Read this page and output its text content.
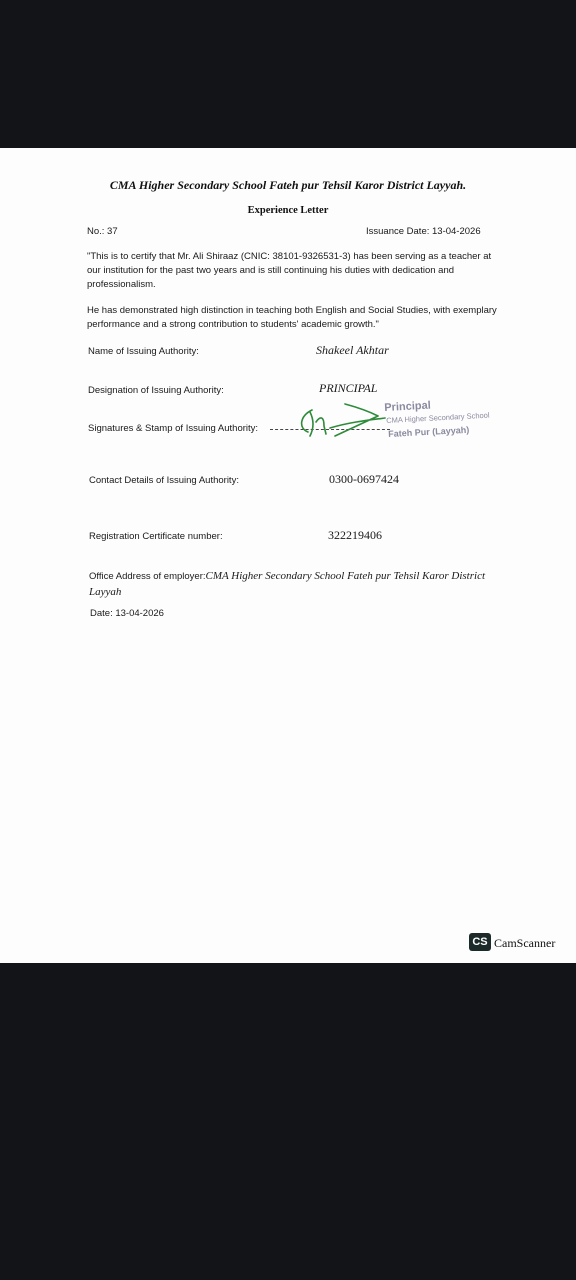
CMA Higher Secondary School Fateh pur Tehsil Karor District Layyah.
Experience Letter
No.: 37	Issuance Date: 13-04-2026
"This is to certify that Mr. Ali Shiraaz (CNIC: 38101-9326531-3) has been serving as a teacher at our institution for the past two years and is still continuing his duties with dedication and professionalism.
He has demonstrated high distinction in teaching both English and Social Studies, with exemplary performance and a strong contribution to students' academic growth."
Name of Issuing Authority:	Shakeel Akhtar
Designation of Issuing Authority:	PRINCIPAL
Signatures & Stamp of Issuing Authority:
Principal
CMA Higher Secondary School
Fateh Pur (Layyah)
Contact Details of Issuing Authority:	0300-0697424
Registration Certificate number:	322219406
Office Address of employer:CMA Higher Secondary School Fateh pur Tehsil Karor District Layyah
Date: 13-04-2026
CS CamScanner
